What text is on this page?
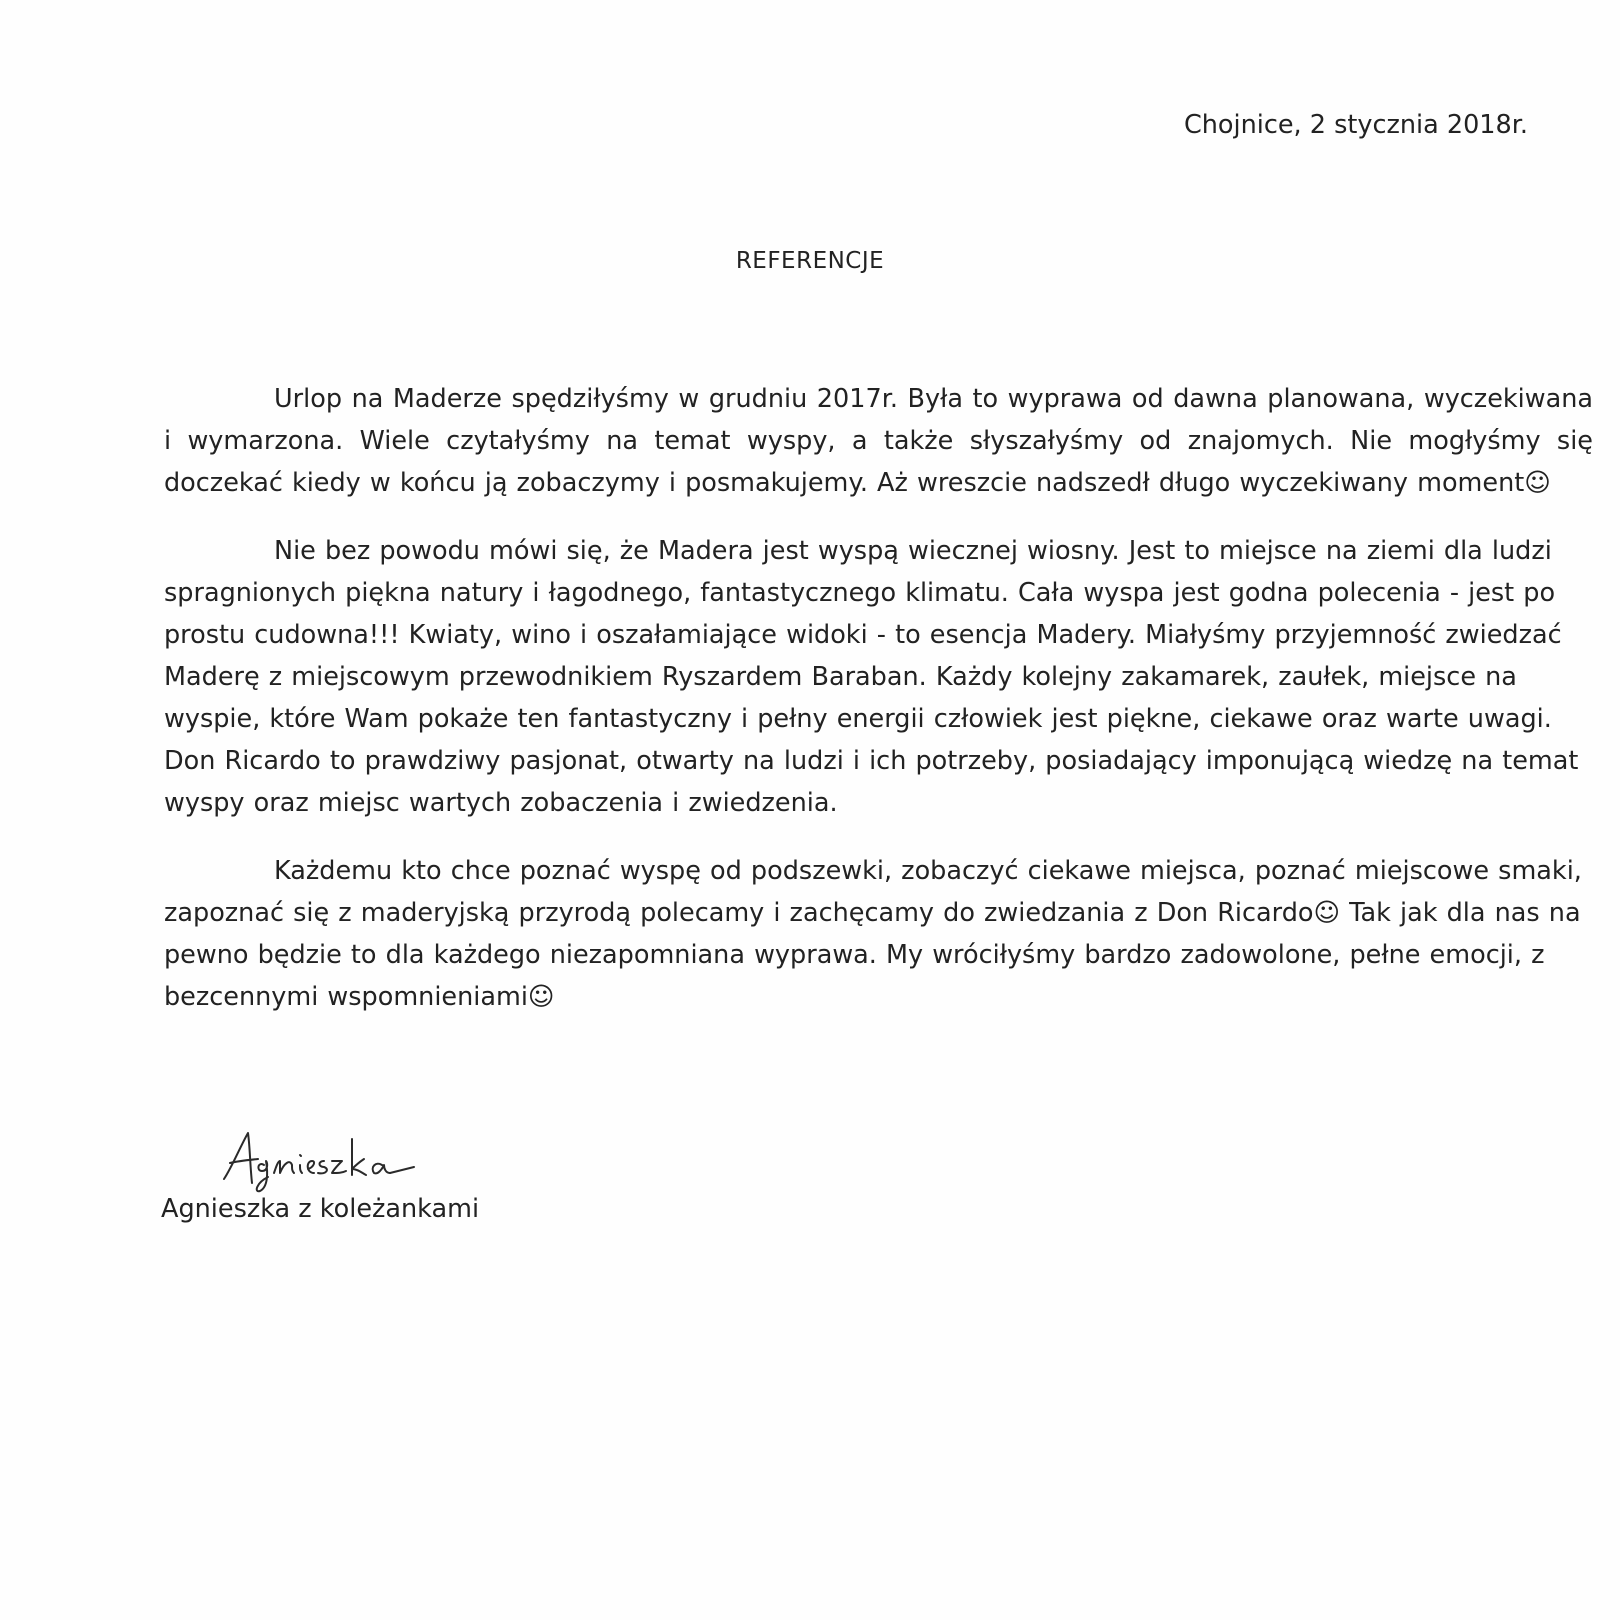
Chojnice, 2 stycznia 2018r.
REFERENCJE

Urlop na Maderze spędziłyśmy w grudniu 2017r. Była to wyprawa od dawna planowana, wyczekiwana i wymarzona. Wiele czytałyśmy na temat wyspy, a także słyszałyśmy od znajomych. Nie mogłyśmy się doczekać kiedy w końcu ją zobaczymy i posmakujemy. Aż wreszcie nadszedł długo wyczekiwany moment☺

Nie bez powodu mówi się, że Madera jest wyspą wiecznej wiosny. Jest to miejsce na ziemi dla ludzi spragnionych piękna natury i łagodnego, fantastycznego klimatu. Cała wyspa jest godna polecenia - jest po prostu cudowna!!! Kwiaty, wino i oszałamiające widoki - to esencja Madery. Miałyśmy przyjemność zwiedzać Maderę z miejscowym przewodnikiem Ryszardem Baraban. Każdy kolejny zakamarek, zaułek, miejsce na wyspie, które Wam pokaże ten fantastyczny i pełny energii człowiek jest piękne, ciekawe oraz warte uwagi. Don Ricardo to prawdziwy pasjonat, otwarty na ludzi i ich potrzeby, posiadający imponującą wiedzę na temat wyspy oraz miejsc wartych zobaczenia i zwiedzenia.

Każdemu kto chce poznać wyspę od podszewki, zobaczyć ciekawe miejsca, poznać miejscowe smaki, zapoznać się z maderyjską przyrodą polecamy i zachęcamy do zwiedzania z Don Ricardo☺ Tak jak dla nas na pewno będzie to dla każdego niezapomniana wyprawa. My wróciłyśmy bardzo zadowolone, pełne emocji, z bezcennymi wspomnieniami☺

Agnieszka z koleżankami
